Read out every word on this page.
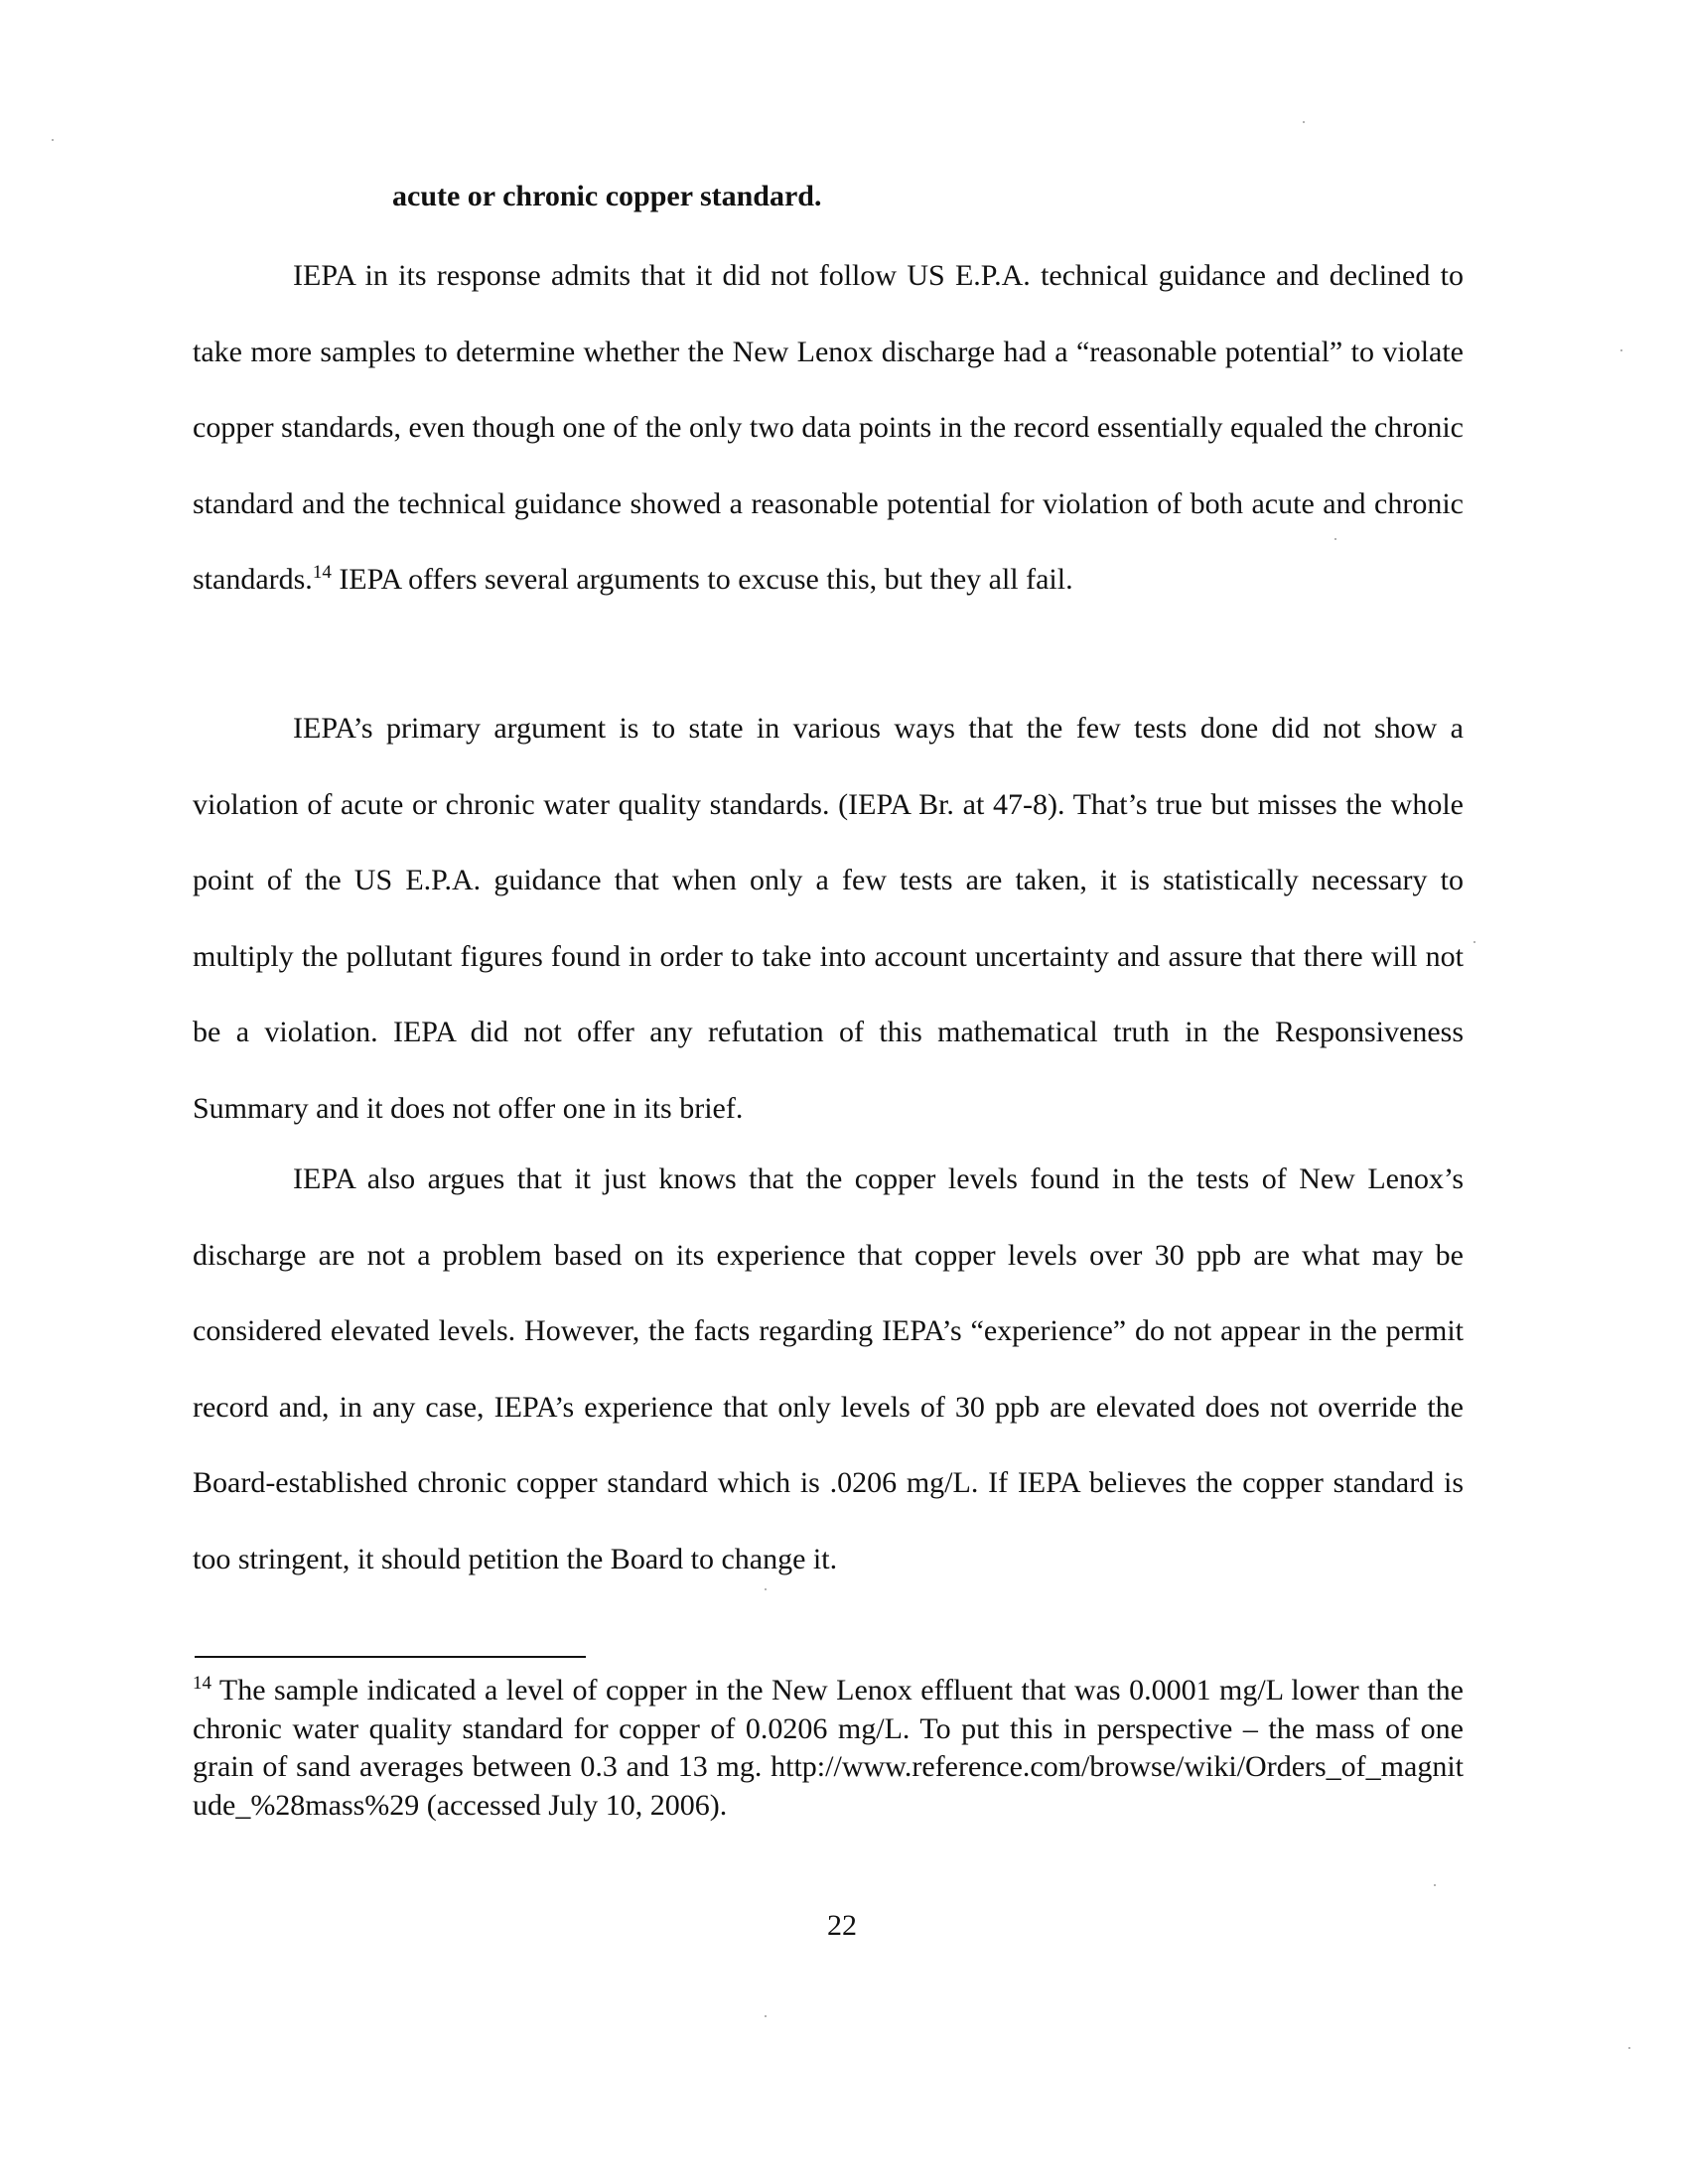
acute or chronic copper standard.

IEPA in its response admits that it did not follow US E.P.A. technical guidance and declined to take more samples to determine whether the New Lenox discharge had a “reasonable potential” to violate copper standards, even though one of the only two data points in the record essentially equaled the chronic standard and the technical guidance showed a reasonable potential for violation of both acute and chronic standards.$^{14}$ IEPA offers several arguments to excuse this, but they all fail.

IEPA’s primary argument is to state in various ways that the few tests done did not show a violation of acute or chronic water quality standards. (IEPA Br. at 47-8). That’s true but misses the whole point of the US E.P.A. guidance that when only a few tests are taken, it is statistically necessary to multiply the pollutant figures found in order to take into account uncertainty and assure that there will not be a violation. IEPA did not offer any refutation of this mathematical truth in the Responsiveness Summary and it does not offer one in its brief.

IEPA also argues that it just knows that the copper levels found in the tests of New Lenox’s discharge are not a problem based on its experience that copper levels over 30 ppb are what may be considered elevated levels. However, the facts regarding IEPA’s “experience” do not appear in the permit record and, in any case, IEPA’s experience that only levels of 30 ppb are elevated does not override the Board-established chronic copper standard which is .0206 mg/L. If IEPA believes the copper standard is too stringent, it should petition the Board to change it.

$^{14}$ The sample indicated a level of copper in the New Lenox effluent that was 0.0001 mg/L lower than the chronic water quality standard for copper of 0.0206 mg/L. To put this in perspective – the mass of one grain of sand averages between 0.3 and 13 mg. http://www.reference.com/browse/wiki/Orders_of_magnitude_%28mass%29 (accessed July 10, 2006).

22
